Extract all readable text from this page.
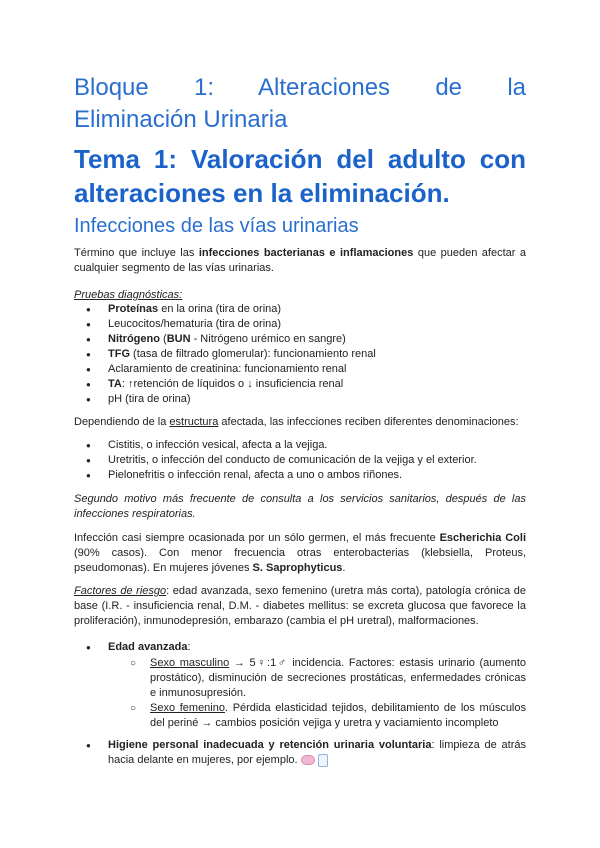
Bloque 1: Alteraciones de la
Eliminación Urinaria
Tema 1: Valoración del adulto con
alteraciones en la eliminación.
Infecciones de las vías urinarias
Término que incluye las infecciones bacterianas e inflamaciones que pueden afectar a cualquier segmento de las vías urinarias.
Pruebas diagnósticas:
● Proteínas en la orina (tira de orina)
● Leucocitos/hematuria (tira de orina)
● Nitrógeno (BUN - Nitrógeno urémico en sangre)
● TFG (tasa de filtrado glomerular): funcionamiento renal
● Aclaramiento de creatinina: funcionamiento renal
● TA: ↑retención de líquidos o ↓ insuficiencia renal
● pH (tira de orina)
Dependiendo de la estructura afectada, las infecciones reciben diferentes denominaciones:
● Cistitis, o infección vesical, afecta a la vejiga.
● Uretritis, o infección del conducto de comunicación de la vejiga y el exterior.
● Pielonefritis o infección renal, afecta a uno o ambos riñones.
Segundo motivo más frecuente de consulta a los servicios sanitarios, después de las infecciones respiratorias.
Infección casi siempre ocasionada por un sólo germen, el más frecuente Escherichia Coli (90% casos). Con menor frecuencia otras enterobacterias (klebsiella, Proteus, pseudomonas). En mujeres jóvenes S. Saprophyticus.
Factores de riesgo: edad avanzada, sexo femenino (uretra más corta), patología crónica de base (I.R. - insuficiencia renal, D.M. - diabetes mellitus: se excreta glucosa que favorece la proliferación), inmunodepresión, embarazo (cambia el pH uretral), malformaciones.
● Edad avanzada:
○ Sexo masculino → 5♀:1♂ incidencia. Factores: estasis urinario (aumento prostático), disminución de secreciones prostáticas, enfermedades crónicas e inmunosupresión.
○ Sexo femenino. Pérdida elasticidad tejidos, debilitamiento de los músculos del periné → cambios posición vejiga y uretra y vaciamiento incompleto
● Higiene personal inadecuada y retención urinaria voluntaria: limpieza de atrás hacia delante en mujeres, por ejemplo.
